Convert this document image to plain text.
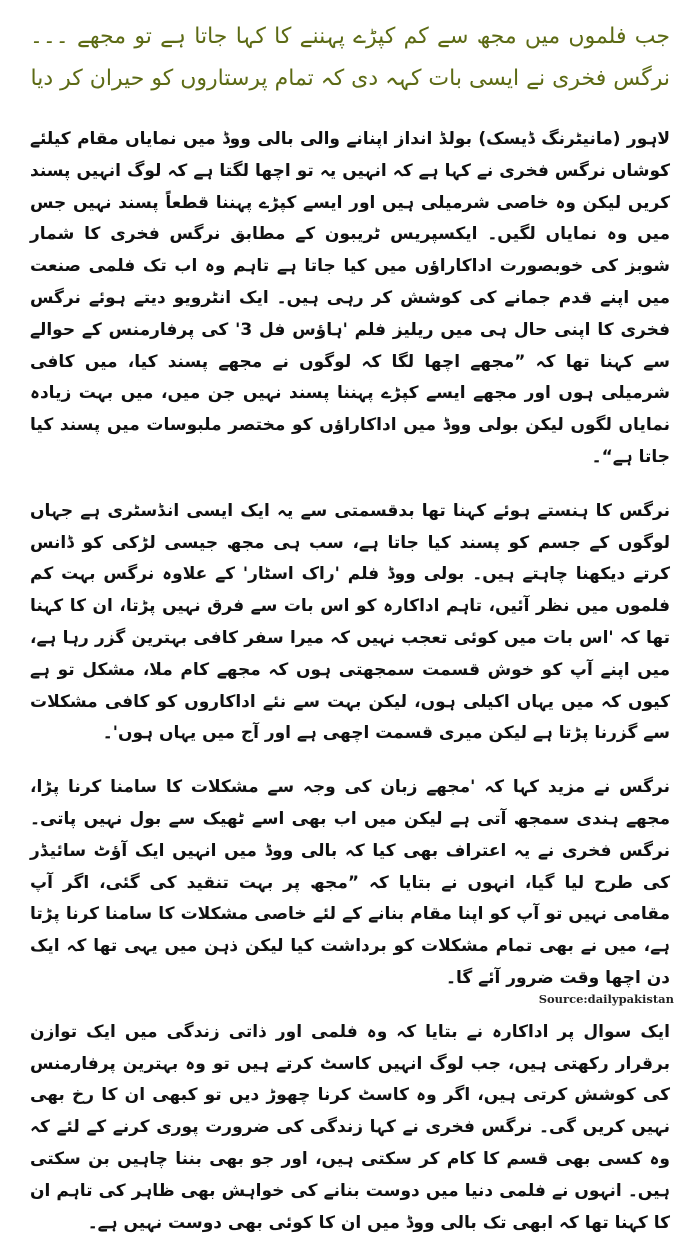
جب فلموں میں مجھ سے کم کپڑے پہننے کا کہا جاتا ہے تو مجھے ۔۔۔ نرگس فخری نے ایسی بات کہہ دی کہ تمام پرستاروں کو حیران کر دیا

لاہور (مانیٹرنگ ڈیسک) بولڈ انداز اپنانے والی بالی ووڈ میں نمایاں مقام کیلئے کوشاں نرگس فخری نے کہا ہے کہ انہیں یہ تو اچھا لگتا ہے کہ لوگ انہیں پسند کریں لیکن وہ خاصی شرمیلی ہیں اور ایسے کپڑے پہننا قطعاً پسند نہیں جس میں وہ نمایاں لگیں۔ ایکسپریس ٹریبون کے مطابق نرگس فخری کا شمار شوبز کی خوبصورت اداکاراؤں میں کیا جاتا ہے تاہم وہ اب تک فلمی صنعت میں اپنے قدم جمانے کی کوشش کر رہی ہیں۔ ایک انٹرویو دیتے ہوئے نرگس فخری کا اپنی حال ہی میں ریلیز فلم 'ہاؤس فل 3' کی پرفارمنس کے حوالے سے کہنا تھا کہ ”مجھے اچھا لگا کہ لوگوں نے مجھے پسند کیا، میں کافی شرمیلی ہوں اور مجھے ایسے کپڑے پہننا پسند نہیں جن میں، میں بہت زیادہ نمایاں لگوں لیکن بولی ووڈ میں اداکاراؤں کو مختصر ملبوسات میں پسند کیا جاتا ہے“۔

نرگس کا ہنستے ہوئے کہنا تھا بدقسمتی سے یہ ایک ایسی انڈسٹری ہے جہاں لوگوں کے جسم کو پسند کیا جاتا ہے، سب ہی مجھ جیسی لڑکی کو ڈانس کرتے دیکھنا چاہتے ہیں۔ بولی ووڈ فلم 'راک اسٹار' کے علاوہ نرگس بہت کم فلموں میں نظر آئیں، تاہم اداکارہ کو اس بات سے فرق نہیں پڑتا، ان کا کہنا تھا کہ 'اس بات میں کوئی تعجب نہیں کہ میرا سفر کافی بہترین گزر رہا ہے، میں اپنے آپ کو خوش قسمت سمجھتی ہوں کہ مجھے کام ملا، مشکل تو ہے کیوں کہ میں یہاں اکیلی ہوں، لیکن بہت سے نئے اداکاروں کو کافی مشکلات سے گزرنا پڑتا ہے لیکن میری قسمت اچھی ہے اور آج میں یہاں ہوں'۔

نرگس نے مزید کہا کہ 'مجھے زبان کی وجہ سے مشکلات کا سامنا کرنا پڑا، مجھے ہندی سمجھ آتی ہے لیکن میں اب بھی اسے ٹھیک سے بول نہیں پاتی۔ نرگس فخری نے یہ اعتراف بھی کیا کہ بالی ووڈ میں انہیں ایک آؤٹ سائیڈر کی طرح لیا گیا، انہوں نے بتایا کہ ”مجھ پر بہت تنقید کی گئی، اگر آپ مقامی نہیں تو آپ کو اپنا مقام بنانے کے لئے خاصی مشکلات کا سامنا کرنا پڑتا ہے، میں نے بھی تمام مشکلات کو برداشت کیا لیکن ذہن میں یہی تھا کہ ایک دن اچھا وقت ضرور آئے گا۔

ایک سوال پر اداکارہ نے بتایا کہ وہ فلمی اور ذاتی زندگی میں ایک توازن برقرار رکھتی ہیں، جب لوگ انہیں کاسٹ کرتے ہیں تو وہ بہترین پرفارمنس کی کوشش کرتی ہیں، اگر وہ کاسٹ کرنا چھوڑ دیں تو کبھی ان کا رخ بھی نہیں کریں گی۔ نرگس فخری نے کہا زندگی کی ضرورت پوری کرنے کے لئے کہ وہ کسی بھی قسم کا کام کر سکتی ہیں، اور جو بھی بننا چاہیں بن سکتی ہیں۔ انہوں نے فلمی دنیا میں دوست بنانے کی خواہش بھی ظاہر کی تاہم ان کا کہنا تھا کہ ابھی تک بالی ووڈ میں ان کا کوئی بھی دوست نہیں ہے۔

Source:dailypakistan
